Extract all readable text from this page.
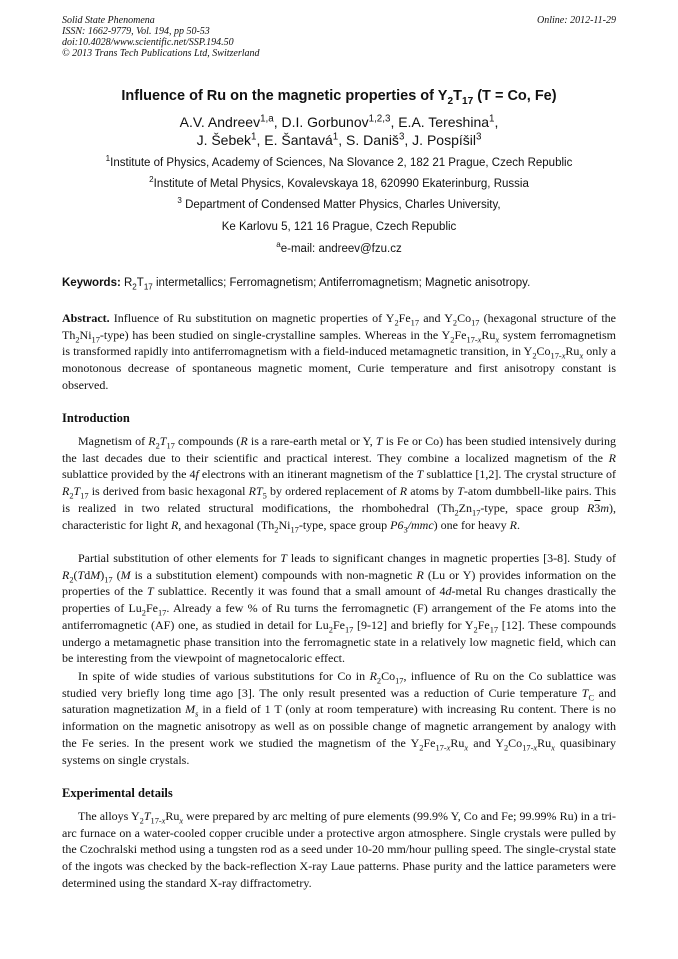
Solid State Phenomena
ISSN: 1662-9779, Vol. 194, pp 50-53
doi:10.4028/www.scientific.net/SSP.194.50
© 2013 Trans Tech Publications Ltd, Switzerland
Online: 2012-11-29
Influence of Ru on the magnetic properties of $Y_2T_{17}$ (T = Co, Fe)
A.V. Andreev$^{1,a}$, D.I. Gorbunov$^{1,2,3}$, E.A. Tereshina$^1$,
J. Šebek$^1$, E. Šantavá$^1$, S. Daniš$^3$, J. Pospíšil$^3$
$^1$Institute of Physics, Academy of Sciences, Na Slovance 2, 182 21 Prague, Czech Republic
$^2$Institute of Metal Physics, Kovalevskaya 18, 620990 Ekaterinburg, Russia
$^3$ Department of Condensed Matter Physics, Charles University,
Ke Karlovu 5, 121 16 Prague, Czech Republic
$^a$e-mail: andreev@fzu.cz
Keywords: $R_2T_{17}$ intermetallics; Ferromagnetism; Antiferromagnetism; Magnetic anisotropy.
Abstract. Influence of Ru substitution on magnetic properties of $Y_2Fe_{17}$ and $Y_2Co_{17}$ (hexagonal structure of the $Th_2Ni_{17}-type$) has been studied on single-crystalline samples. Whereas in the $Y_2Fe_{17-x}Ru_x$ system ferromagnetism is transformed rapidly into antiferromagnetism with a field-induced metamagnetic transition, in $Y_2Co_{17-x}Ru_x$ only a monotonous decrease of spontaneous magnetic moment, Curie temperature and first anisotropy constant is observed.
Introduction
Magnetism of $R_2T_{17}$ compounds (R is a rare-earth metal or Y, T is Fe or Co) has been studied intensively during the last decades due to their scientific and practical interest. They combine a localized magnetism of the R sublattice provided by the 4f electrons with an itinerant magnetism of the T sublattice [1,2]. The crystal structure of $R_2T_{17}$ is derived from basic hexagonal $RT_5$ by ordered replacement of R atoms by T-atom dumbbell-like pairs. This is realized in two related structural modifications, the rhombohedral ($Th_2Zn_{17}$-type, space group R3m), characteristic for light R, and hexagonal ($Th_2Ni_{17}$-type, space group $P6_3/mmc$) one for heavy R.
Partial substitution of other elements for T leads to significant changes in magnetic properties [3-8]. Study of $R_2(TdM)_{17}$ (M is a substitution element) compounds with non-magnetic R (Lu or Y) provides information on the properties of the T sublattice. Recently it was found that a small amount of 4d-metal Ru changes drastically the properties of $Lu_2Fe_{17}$. Already a few % of Ru turns the ferromagnetic (F) arrangement of the Fe atoms into the antiferromagnetic (AF) one, as studied in detail for $Lu_2Fe_{17}$ [9-12] and briefly for $Y_2Fe_{17}$ [12]. These compounds undergo a metamagnetic phase transition into the ferromagnetic state in a relatively low magnetic field, which can be interesting from the viewpoint of magnetocaloric effect.
In spite of wide studies of various substitutions for Co in $R_2Co_{17}$, influence of Ru on the Co sublattice was studied very briefly long time ago [3]. The only result presented was a reduction of Curie temperature $T_C$ and saturation magnetization $M_s$ in a field of 1 T (only at room temperature) with increasing Ru content. There is no information on the magnetic anisotropy as well as on possible change of magnetic arrangement by analogy with the Fe series. In the present work we studied the magnetism of the $Y_2Fe_{17-x}Ru_x$ and $Y_2Co_{17-x}Ru_x$ quasibinary systems on single crystals.
Experimental details
The alloys $Y_2T_{17-x}Ru_x$ were prepared by arc melting of pure elements (99.9% Y, Co and Fe; 99.99% Ru) in a tri-arc furnace on a water-cooled copper crucible under a protective argon atmosphere. Single crystals were pulled by the Czochralski method using a tungsten rod as a seed under 10-20 mm/hour pulling speed. The single-crystal state of the ingots was checked by the back-reflection X-ray Laue patterns. Phase purity and the lattice parameters were determined using the standard X-ray diffractometry.
